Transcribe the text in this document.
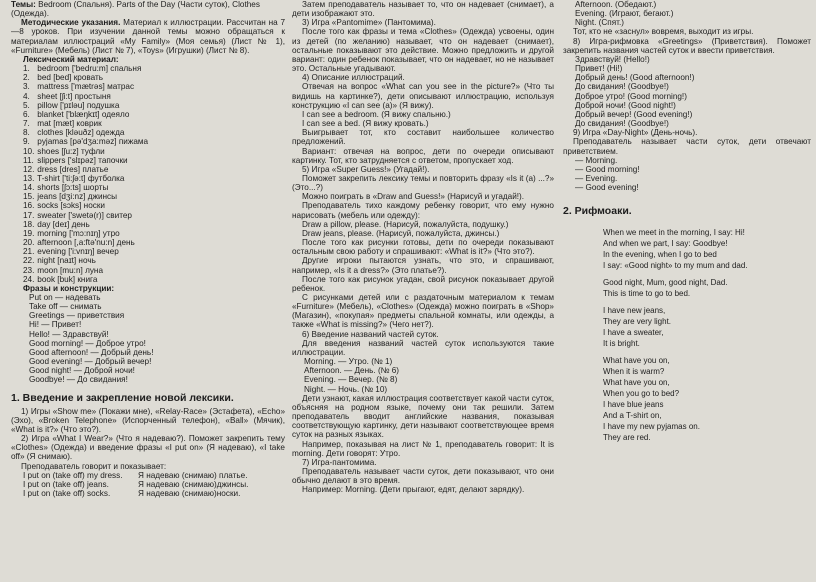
Темы: Bedroom (Спальня). Parts of the Day (Части суток), Clothes (Одежда).

Методические указания. Материал к иллюстрации. Рассчитан на 7—8 уроков. При изучении данной темы можно обращаться к материалам иллюстраций «My Family» (Моя семья) (Лист № 1), «Furniture» (Мебель) (Лист № 7), «Toys» (Игрушки) (Лист № 8).

Лексический материал:

1. bedroom ['bedru:m] спальня
2. bed [bed] кровать
3. mattress ['mætrəs] матрас
4. sheet [ʃi:t] простыня
5. pillow ['pɪləu] подушка
6. blanket ['blæŋkɪt] одеяло
7. mat [mæt] коврик
8. clothes [kləuðz] одежда
9. pyjamas [pə'dʒa:məz] пижама
10. shoes [ʃu:z] туфли
11. slippers ['slɪpəz] тапочки
12. dress [dres] платье
13. T-shirt ['ti:ʃə:t] футболка
14. shorts [ʃɔ:ts] шорты
15. jeans [dʒi:nz] джинсы
16. socks [sɔks] носки
17. sweater ['swetə(r)] свитер
18. day [deɪ] день
19. morning ['mɔ:nɪŋ] утро
20. afternoon [,a:ftə'nu:n] день
21. evening ['i:vnɪŋ] вечер
22. night [naɪt] ночь
23. moon [mu:n] луна
24. book [buk] книга

Фразы и конструкции:

Put on — надевать
Take off — снимать
Greetings — приветствия
Hi! — Привет!
Hello! — Здравствуй!
Good morning! — Доброе утро!
Good afternoon! — Добрый день!
Good evening! — Добрый вечер!
Good night! — Доброй ночи!
Goodbye! — До свидания!
1. Введение и закрепление новой лексики.

1) Игры «Show me» (Покажи мне), «Relay-Race» (Эстафета), «Echo» (Эхо), «Broken Telephone» (Испорченный телефон), «Ball» (Мячик), «What is it?» (Что это?).

2) Игра «What I Wear?» (Что я надеваю?). Поможет закрепить тему «Clothes» (Одежда) и введение фразы «I put on» (Я надеваю), «I take off» (Я снимаю).

Преподаватель говорит и показывает:

I put on (take off) my dress.	Я надеваю (снимаю) платье.
I put on (take off) jeans.	Я надеваю (снимаю)джинсы.
I put on (take off) socks.	Я надеваю (снимаю)носки.

Затем преподаватель называет то, что он надевает (снимает), а дети изображают это.

3) Игра «Pantomime» (Пантомима).

После того как фразы и тема «Clothes» (Одежда) усвоены, один из детей (по желанию) называет, что он надевает (снимает), остальные показывают это действие. Можно предложить и другой вариант: один ребенок показывает, что он надевает, но не называет это. Остальные угадывают.

4) Описание иллюстраций.

Отвечая на вопрос «What can you see in the picture?» (Что ты видишь на картинке?), дети описывают иллюстрацию, используя конструкцию «I can see (a)» (Я вижу).

I can see a bedroom. (Я вижу спальню.)

I can see a bed. (Я вижу кровать.)

Выигрывает тот, кто составит наибольшее количество предложений.

Вариант: отвечая на вопрос, дети по очереди описывают картинку. Тот, кто затрудняется с ответом, пропускает ход.

5) Игра «Super Guess!» (Угадай!).

Поможет закрепить лексику темы и повторить фразу «Is it (a) ...?» (Это...?)

Можно поиграть в «Draw and Guess!» (Нарисуй и угадай!).

Преподаватель тихо каждому ребенку говорит, что ему нужно нарисовать (мебель или одежду):

Draw a pillow, please. (Нарисуй, пожалуйста, подушку.)

Draw jeans, please. (Нарисуй, пожалуйста, джинсы.)

После того как рисунки готовы, дети по очереди показывают остальным свою работу и спрашивают: «What is it?» (Что это?).

Другие игроки пытаются узнать, что это, и спрашивают, например, «Is it a dress?» (Это платье?).

После того как рисунок угадан, свой рисунок показывает другой ребенок.

С рисунками детей или с раздаточным материалом к темам «Furniture» (Мебель), «Clothes» (Одежда) можно поиграть в «Shop» (Магазин), «покупая» предметы спальной комнаты, или одежды, а также «What is missing?» (Чего нет?).

6) Введение названий частей суток.

Для введения названий частей суток используются такие иллюстрации.

Morning. — Утро. (№ 1)
Afternoon. — День. (№ 6)
Evening. — Вечер. (№ 8)
Night. — Ночь. (№ 10)

Дети узнают, какая иллюстрация соответствует какой части суток, объясняя на родном языке, почему они так решили. Затем преподаватель вводит английские названия, показывая соответствующую картинку, дети называют соответствующее время суток на разных языках.

Например, показывая на лист № 1, преподаватель говорит: It is morning. Дети говорят: Утро.

7) Игра-пантомима.

Преподаватель называет части суток, дети показывают, что они обычно делают в это время.

Например: Morning. (Дети прыгают, едят, делают зарядку).

Afternoon. (Обедают.)
Evening. (Играют, бегают.)
Night. (Спят.)

Тот, кто не «заснул» вовремя, выходит из игры.

8) Игра-рифмовка «Greetings» (Приветствия). Поможет закрепить названия частей суток и ввести приветствия.

Здравствуй! (Hello!)
Привет! (Hi!)
Добрый день! (Good afternoon!)
До свидания! (Goodbye!)
Доброе утро! (Good morning!)
Доброй ночи! (Good night!)
Добрый вечер! (Good evening!)
До свидания! (Goodbye!)

9) Игра «Day-Night» (День-ночь).

Преподаватель называет части суток, дети отвечают приветствием.

— Morning.
— Good morning!
— Evening.
— Good evening!
2. Рифмоаки.
When we meet in the morning, I say: Hi!
And when we part, I say: Goodbye!
In the evening, when I go to bed
I say: «Good night» to my mum and dad.
Good night, Mum, good night, Dad.
This is time to go to bed.
I have new jeans,
They are very light.
I have a sweater,
It is bright.
What have you on,
When it is warm?
What have you on,
When you go to bed?
I have blue jeans
And a T-shirt on,
I have my new pyjamas on.
They are red.
